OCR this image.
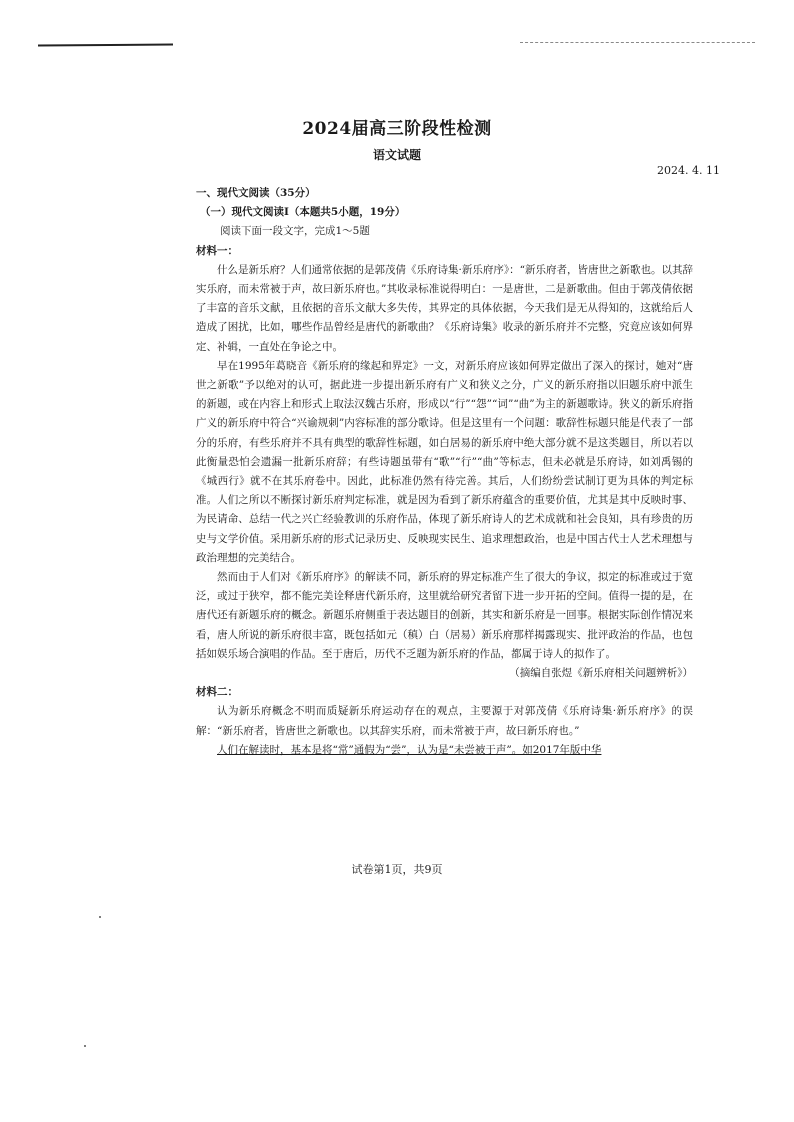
2024届高三阶段性检测
语文试题
2024. 4. 11

一、现代文阅读（35分）

（一）现代文阅读Ⅰ（本题共5小题，19分）

阅读下面一段文字，完成1～5题

材料一：

什么是新乐府？人们通常依据的是郭茂倩《乐府诗集·新乐府序》：“新乐府者，皆唐世之新歌也。以其辞实乐府，而未常被于声，故曰新乐府也。”其收录标准说得明白：一是唐世，二是新歌曲。但由于郭茂倩依据了丰富的音乐文献，且依据的音乐文献大多失传，其界定的具体依据，今天我们是无从得知的，这就给后人造成了困扰，比如，哪些作品曾经是唐代的新歌曲？《乐府诗集》收录的新乐府并不完整，究竟应该如何界定、补辑，一直处在争论之中。

早在1995年葛晓音《新乐府的缘起和界定》一文，对新乐府应该如何界定做出了深入的探讨，她对“唐世之新歌”予以绝对的认可，据此进一步提出新乐府有广义和狭义之分，广义的新乐府指以旧题乐府中派生的新题，或在内容上和形式上取法汉魏古乐府，形成以“行”“怨”“词”“曲”为主的新题歌诗。狭义的新乐府指广义的新乐府中符合“兴谕规刺”内容标准的部分歌诗。但是这里有一个问题：歌辞性标题只能是代表了一部分的乐府，有些乐府并不具有典型的歌辞性标题，如白居易的新乐府中绝大部分就不是这类题目，所以若以此衡量恐怕会遗漏一批新乐府辞；有些诗题虽带有“歌”“行”“曲”等标志，但未必就是乐府诗，如刘禹锡的《城西行》就不在其乐府卷中。因此，此标准仍然有待完善。其后，人们纷纷尝试制订更为具体的判定标准。人们之所以不断探讨新乐府判定标准，就是因为看到了新乐府蕴含的重要价值，尤其是其中反映时事、为民请命、总结一代之兴亡经验教训的乐府作品，体现了新乐府诗人的艺术成就和社会良知，具有珍贵的历史与文学价值。采用新乐府的形式记录历史、反映现实民生、追求理想政治，也是中国古代士人艺术理想与政治理想的完美结合。

然而由于人们对《新乐府序》的解读不同，新乐府的界定标准产生了很大的争议，拟定的标准或过于宽泛，或过于狭窄，都不能完美诠释唐代新乐府，这里就给研究者留下进一步开拓的空间。值得一提的是，在唐代还有新题乐府的概念。新题乐府侧重于表达题目的创新，其实和新乐府是一回事。根据实际创作情况来看，唐人所说的新乐府很丰富，既包括如元（稹）白（居易）新乐府那样揭露现实、批评政治的作品，也包括如娱乐场合演唱的作品。至于唐后，历代不乏题为新乐府的作品，都属于诗人的拟作了。

（摘编自张煜《新乐府相关问题辨析》）

材料二：

认为新乐府概念不明而质疑新乐府运动存在的观点，主要源于对郭茂倩《乐府诗集·新乐府序》的误解：“新乐府者，皆唐世之新歌也。以其辞实乐府，而未常被于声，故曰新乐府也。”

人们在解读时，基本是将“常”通假为“尝”，认为是“未尝被于声”。如2017年版中华

试卷第1页，共9页
